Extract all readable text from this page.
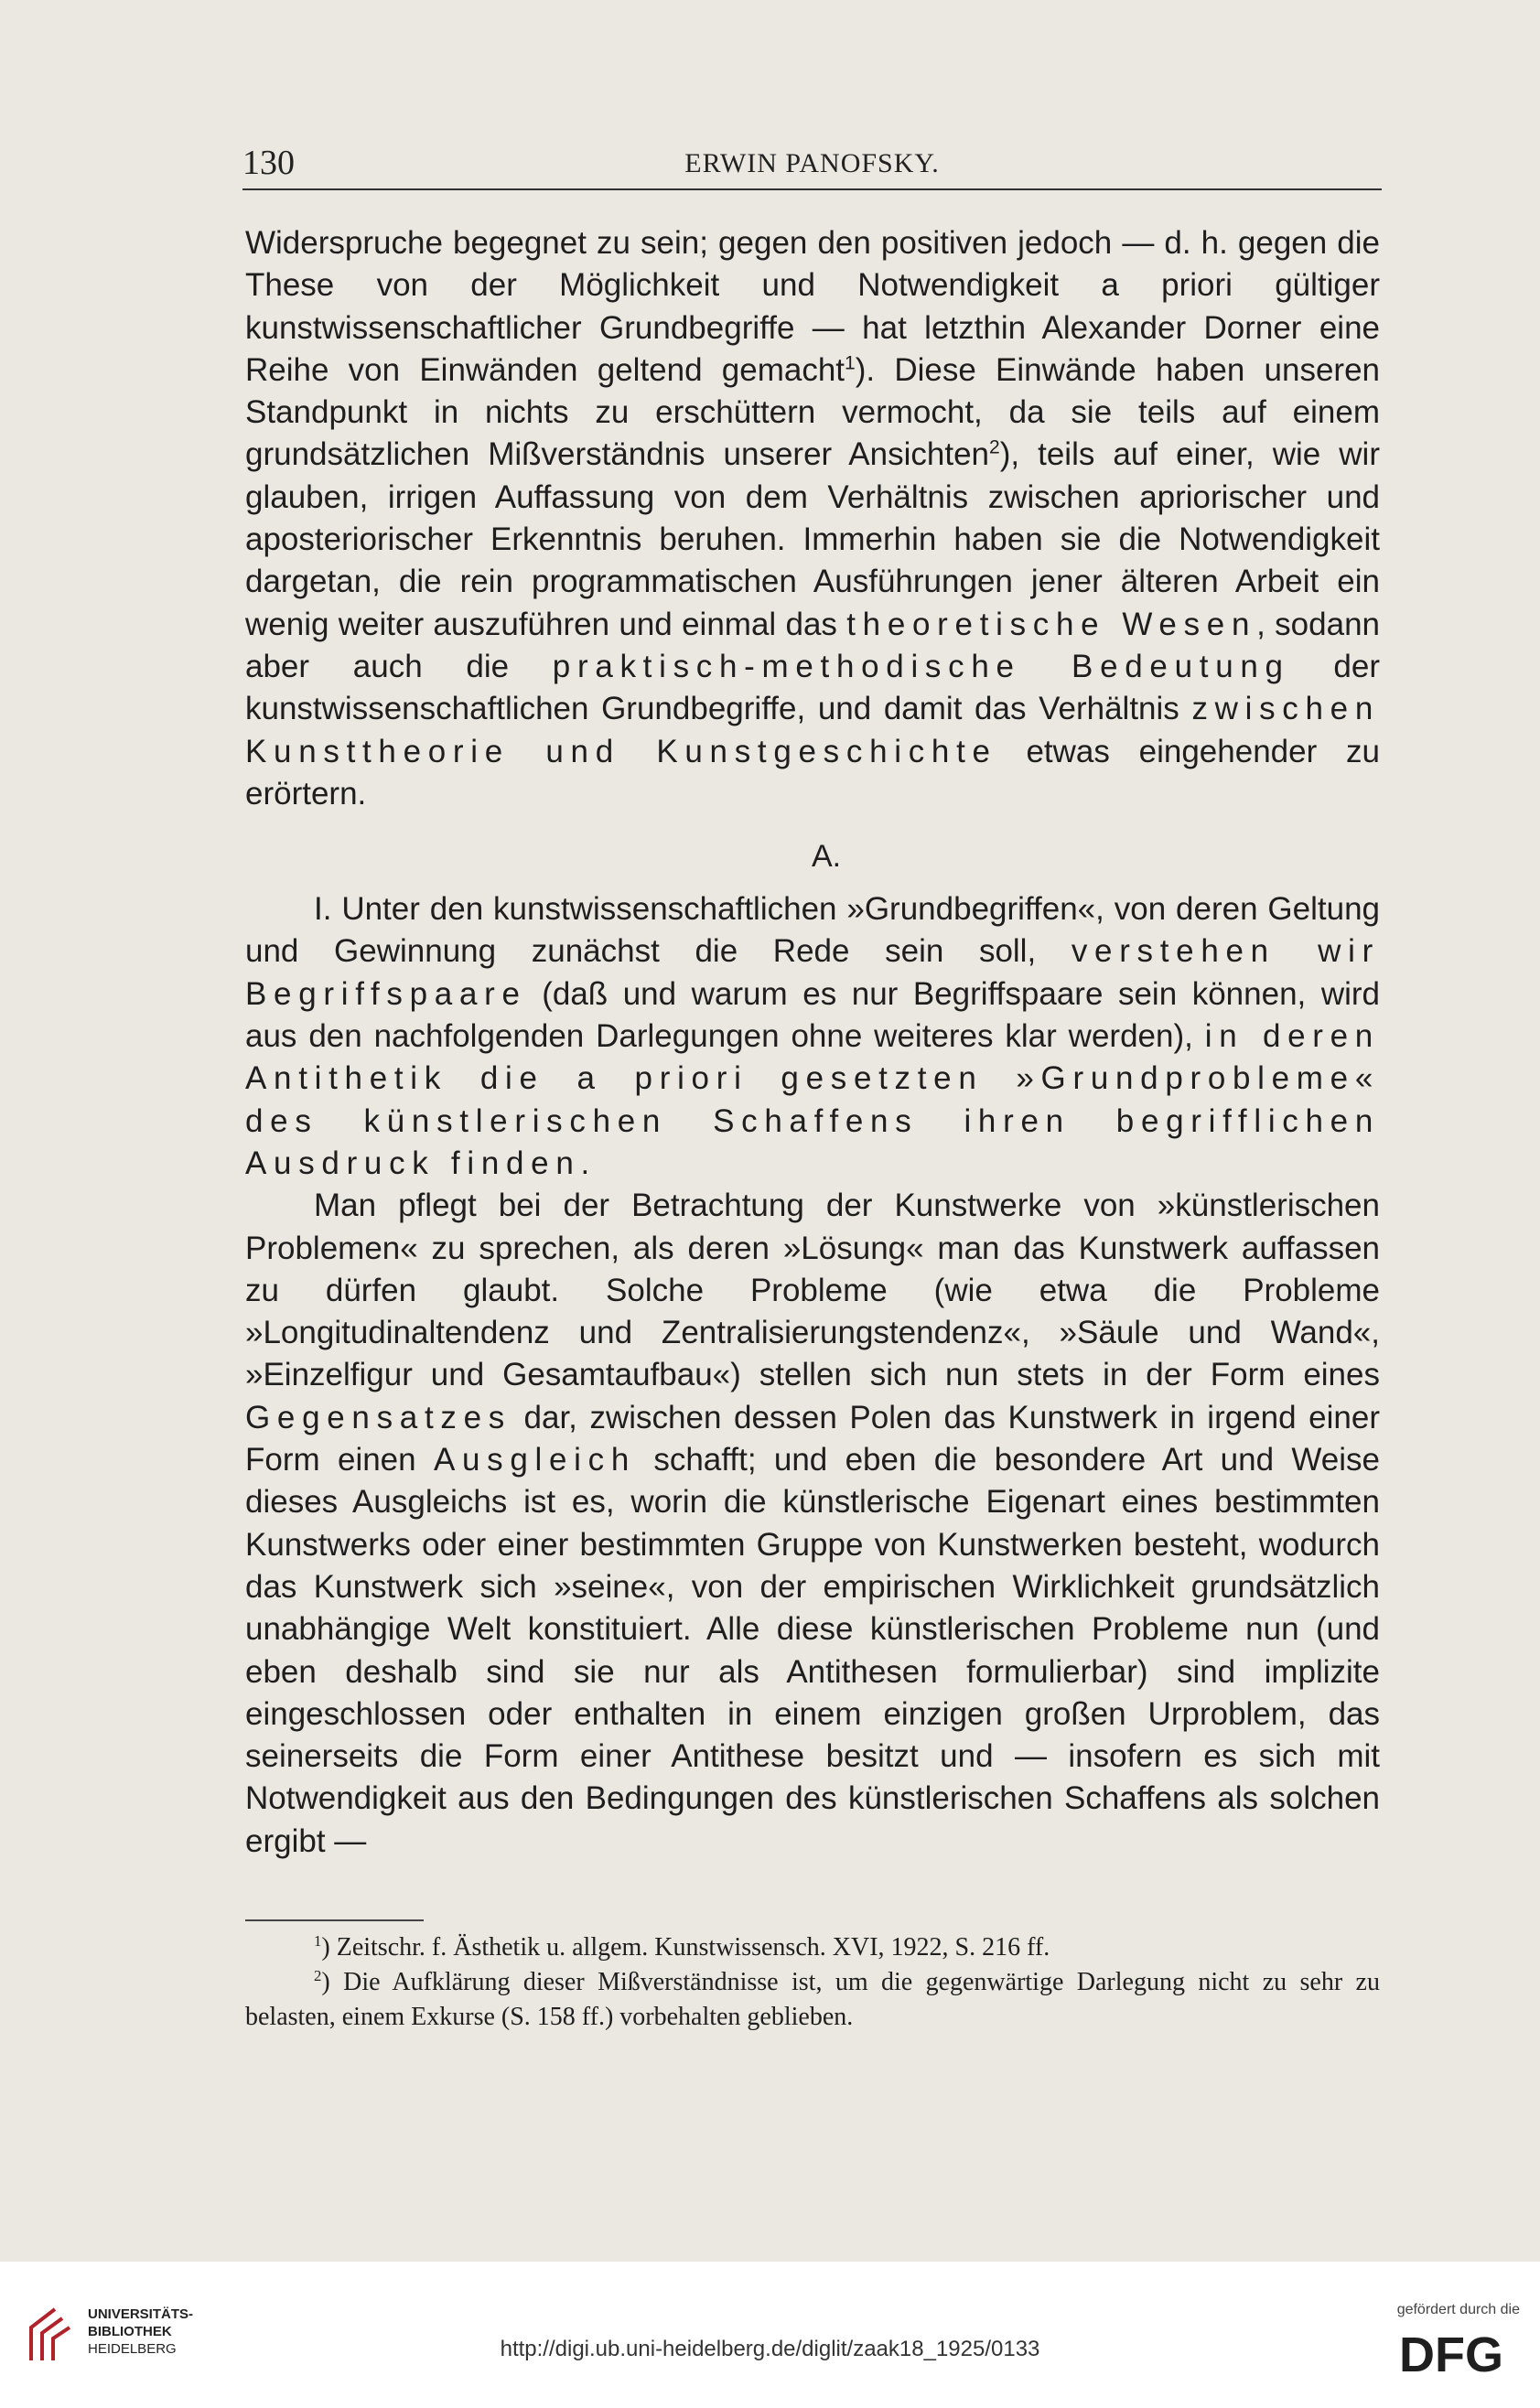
130	ERWIN PANOFSKY.

Widerspruche begegnet zu sein; gegen den positiven jedoch — d. h. gegen die These von der Möglichkeit und Notwendigkeit a priori gültiger kunstwissenschaftlicher Grundbegriffe — hat letzthin Alexander Dorner eine Reihe von Einwänden geltend gemacht$^1$). Diese Einwände haben unseren Standpunkt in nichts zu erschüttern vermocht, da sie teils auf einem grundsätzlichen Mißverständnis unserer Ansichten$^2$), teils auf einer, wie wir glauben, irrigen Auffassung von dem Verhältnis zwischen apriorischer und aposteriorischer Erkenntnis beruhen. Immerhin haben sie die Notwendigkeit dargetan, die rein programmatischen Ausführungen jener älteren Arbeit ein wenig weiter auszuführen und einmal das theoretische Wesen, sodann aber auch die praktisch-methodische Bedeutung der kunstwissenschaftlichen Grundbegriffe, und damit das Verhältnis zwischen Kunsttheorie und Kunstgeschichte etwas eingehender zu erörtern.

A.

I. Unter den kunstwissenschaftlichen »Grundbegriffen«, von deren Geltung und Gewinnung zunächst die Rede sein soll, verstehen wir Begriffspaare (daß und warum es nur Begriffspaare sein können, wird aus den nachfolgenden Darlegungen ohne weiteres klar werden), in deren Antithetik die a priori gesetzten »Grundprobleme« des künstlerischen Schaffens ihren begrifflichen Ausdruck finden.

Man pflegt bei der Betrachtung der Kunstwerke von »künstlerischen Problemen« zu sprechen, als deren »Lösung« man das Kunstwerk auffassen zu dürfen glaubt. Solche Probleme (wie etwa die Probleme »Longitudinaltendenz und Zentralisierungstendenz«, »Säule und Wand«, »Einzelfigur und Gesamtaufbau«) stellen sich nun stets in der Form eines Gegensatzes dar, zwischen dessen Polen das Kunstwerk in irgend einer Form einen Ausgleich schafft; und eben die besondere Art und Weise dieses Ausgleichs ist es, worin die künstlerische Eigenart eines bestimmten Kunstwerks oder einer bestimmten Gruppe von Kunstwerken besteht, wodurch das Kunstwerk sich »seine«, von der empirischen Wirklichkeit grundsätzlich unabhängige Welt konstituiert. Alle diese künstlerischen Probleme nun (und eben deshalb sind sie nur als Antithesen formulierbar) sind implizite eingeschlossen oder enthalten in einem einzigen großen Urproblem, das seinerseits die Form einer Antithese besitzt und — insofern es sich mit Notwendigkeit aus den Bedingungen des künstlerischen Schaffens als solchen ergibt —

$^1$) Zeitschr. f. Ästhetik u. allgem. Kunstwissensch. XVI, 1922, S. 216 ff.

$^2$) Die Aufklärung dieser Mißverständnisse ist, um die gegenwärtige Darlegung nicht zu sehr zu belasten, einem Exkurse (S. 158 ff.) vorbehalten geblieben.

UNIVERSITÄTS-
BIBLIOTHEK
HEIDELBERG	http://digi.ub.uni-heidelberg.de/diglit/zaak18_1925/0133
gefördert durch die
DFG
